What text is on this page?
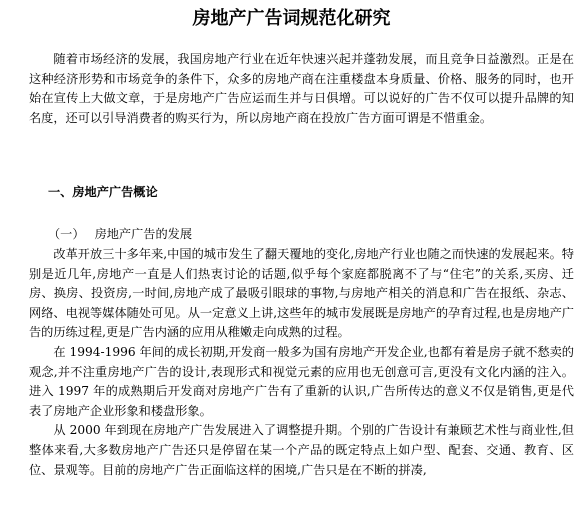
房地产广告词规范化研究

随着市场经济的发展，我国房地产行业在近年快速兴起并蓬勃发展，而且竞争日益激烈。正是在这种经济形势和市场竞争的条件下，众多的房地产商在注重楼盘本身质量、价格、服务的同时，也开始在宣传上大做文章，于是房地产广告应运而生并与日俱增。可以说好的广告不仅可以提升品牌的知名度，还可以引导消费者的购买行为，所以房地产商在投放广告方面可谓是不惜重金。

一、房地产广告概论
（一） 房地产广告的发展

改革开放三十多年来,中国的城市发生了翻天覆地的变化,房地产行业也随之而快速的发展起来。特别是近几年,房地产一直是人们热衷讨论的话题,似乎每个家庭都脱离不了与“住宅”的关系,买房、迁房、换房、投资房,一时间,房地产成了最吸引眼球的事物,与房地产相关的消息和广告在报纸、杂志、网络、电视等媒体随处可见。从一定意义上讲,这些年的城市发展既是房地产的孕育过程,也是房地产广告的历练过程,更是广告内涵的应用从稚嫩走向成熟的过程。

在 1994-1996 年间的成长初期,开发商一般多为国有房地产开发企业,也都有着是房子就不愁卖的观念,并不注重房地产广告的设计,表现形式和视觉元素的应用也无创意可言,更没有文化内涵的注入。进入 1997 年的成熟期后开发商对房地产广告有了重新的认识,广告所传达的意义不仅是销售,更是代表了房地产企业形象和楼盘形象。

从 2000 年到现在房地产广告发展进入了调整提升期。个别的广告设计有兼顾艺术性与商业性,但整体来看,大多数房地产广告还只是停留在某一个产品的既定特点上如户型、配套、交通、教育、区位、景观等。目前的房地产广告正面临这样的困境,广告只是在不断的拼凑,
